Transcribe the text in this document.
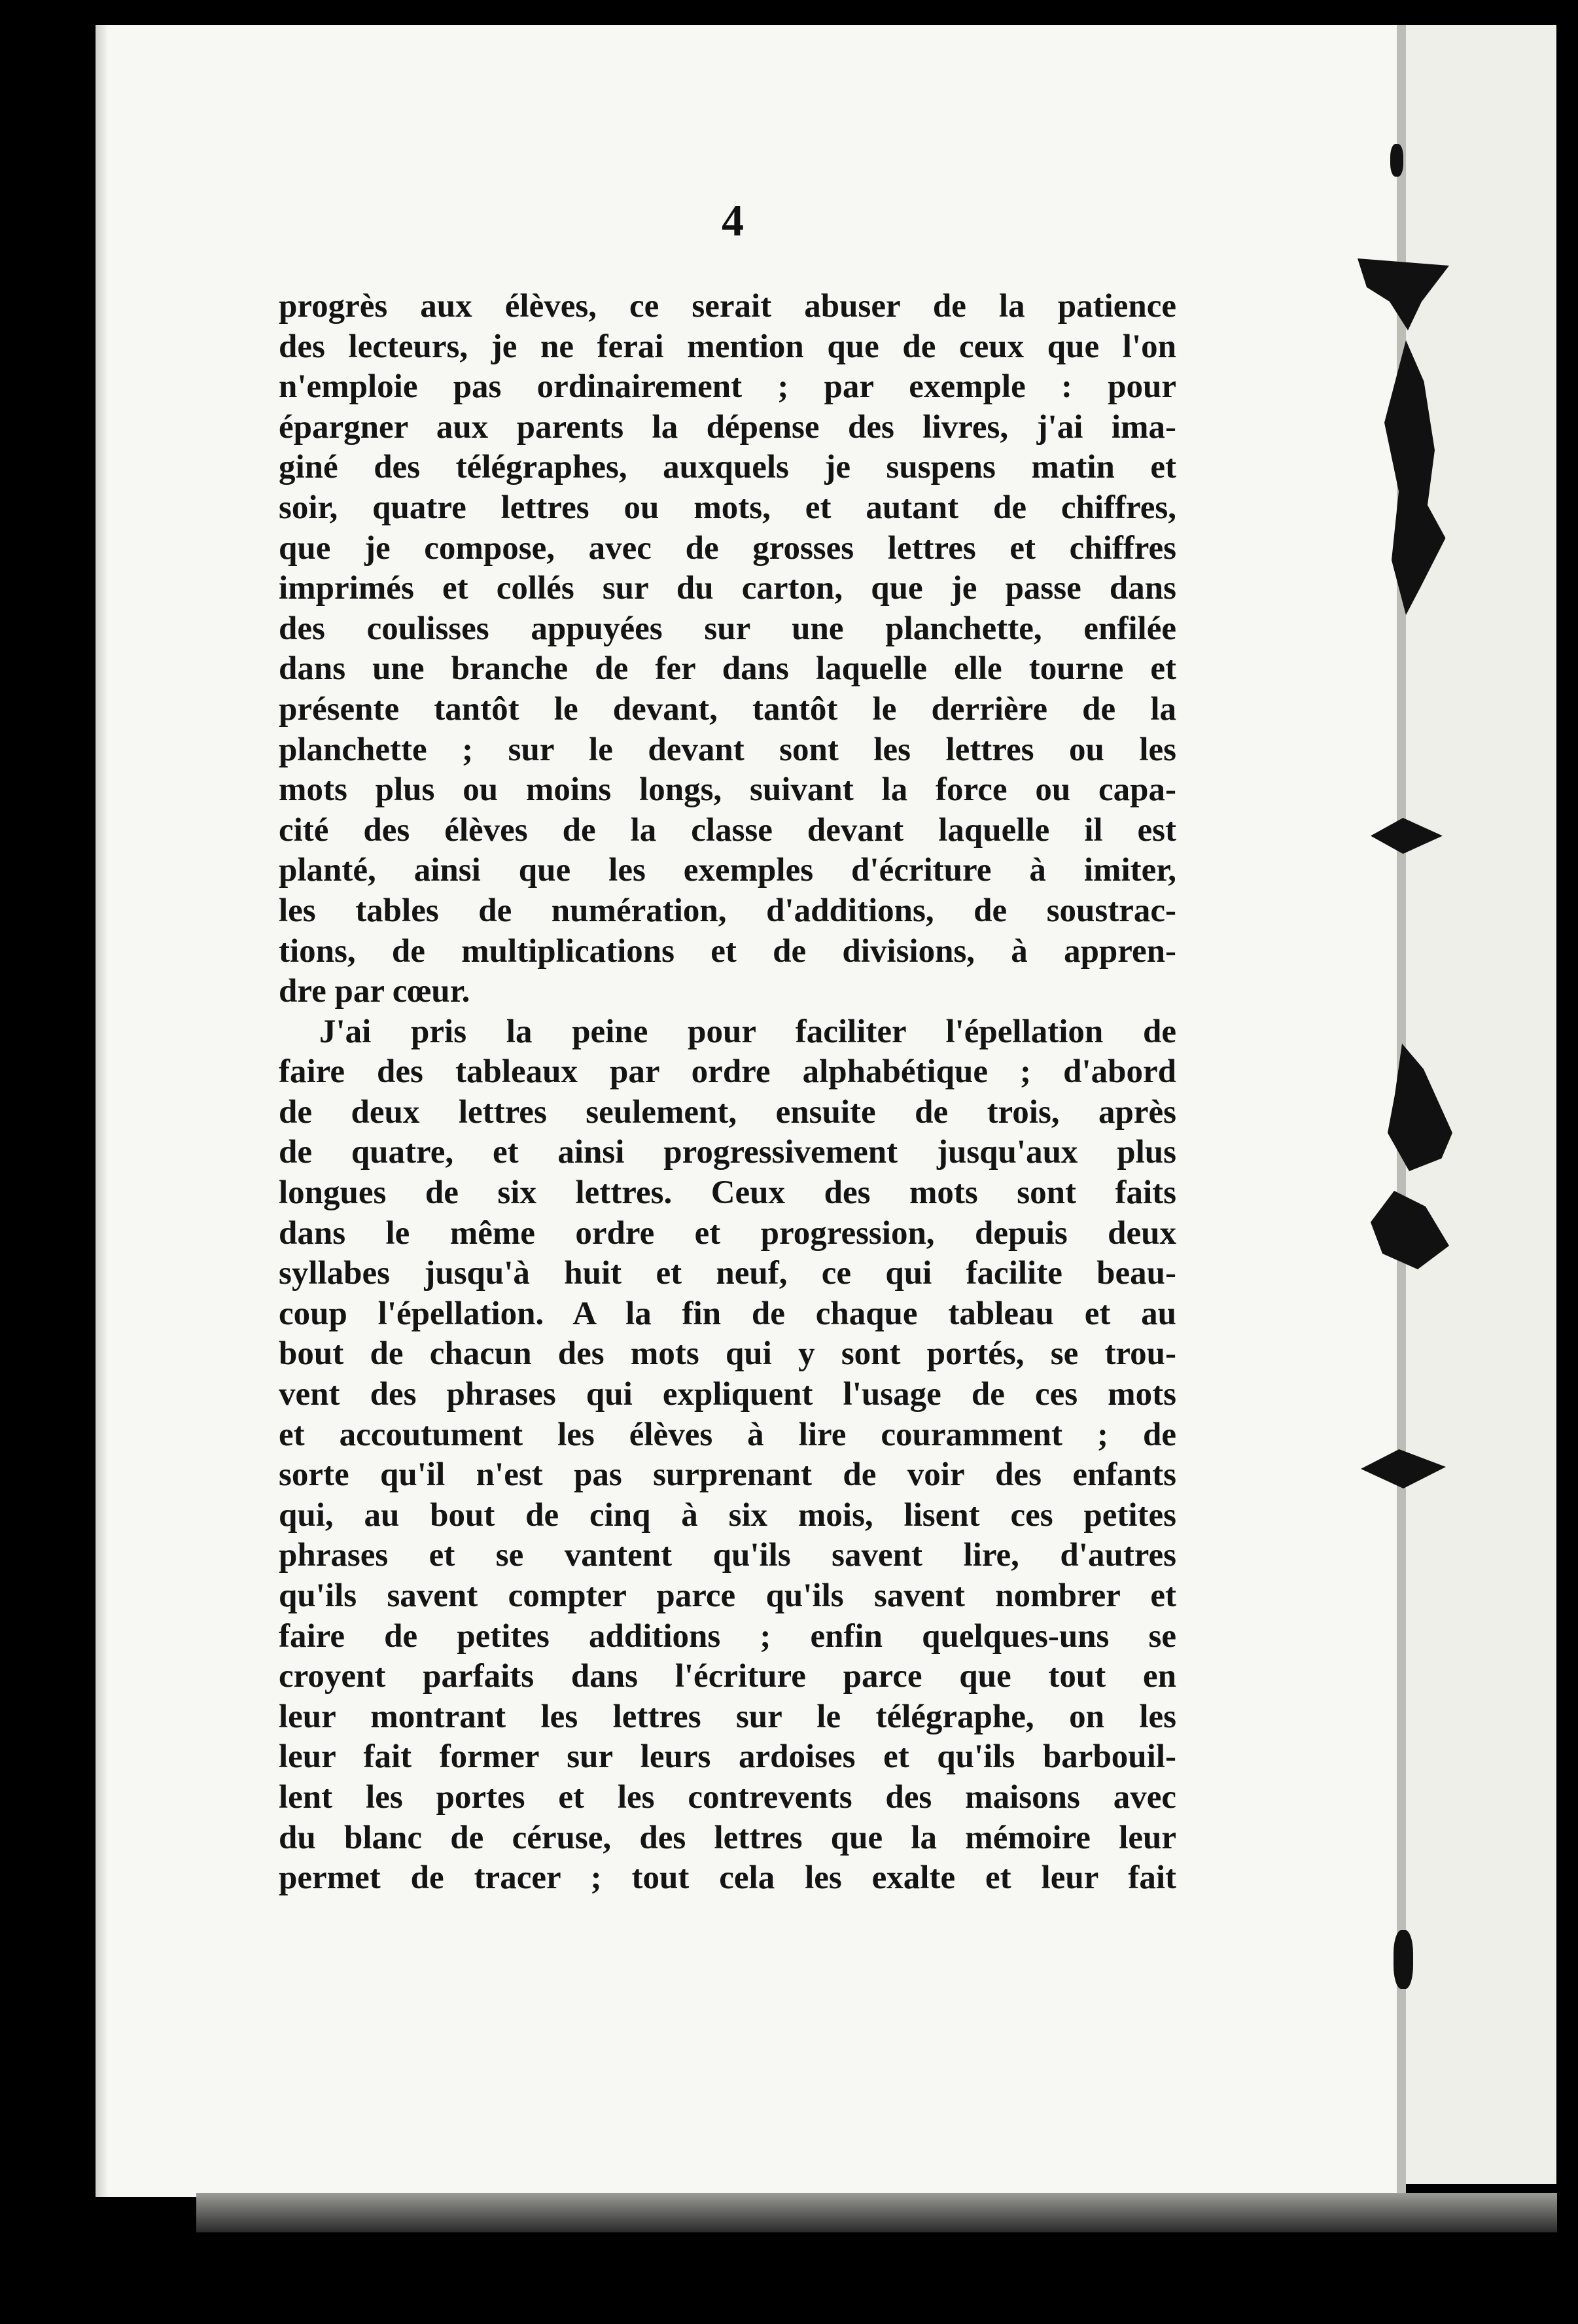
4
progrès aux élèves, ce serait abuser de la patience
des lecteurs, je ne ferai mention que de ceux que l'on
n'emploie pas ordinairement ; par exemple : pour
épargner aux parents la dépense des livres, j'ai ima-
giné des télégraphes, auxquels je suspens matin et
soir, quatre lettres ou mots, et autant de chiffres,
que je compose, avec de grosses lettres et chiffres
imprimés et collés sur du carton, que je passe dans
des coulisses appuyées sur une planchette, enfilée
dans une branche de fer dans laquelle elle tourne et
présente tantôt le devant, tantôt le derrière de la
planchette ; sur le devant sont les lettres ou les
mots plus ou moins longs, suivant la force ou capa-
cité des élèves de la classe devant laquelle il est
planté, ainsi que les exemples d'écriture à imiter,
les tables de numération, d'additions, de soustrac-
tions, de multiplications et de divisions, à appren-
dre par cœur.
J'ai pris la peine pour faciliter l'épellation de
faire des tableaux par ordre alphabétique ; d'abord
de deux lettres seulement, ensuite de trois, après
de quatre, et ainsi progressivement jusqu'aux plus
longues de six lettres. Ceux des mots sont faits
dans le même ordre et progression, depuis deux
syllabes jusqu'à huit et neuf, ce qui facilite beau-
coup l'épellation. A la fin de chaque tableau et au
bout de chacun des mots qui y sont portés, se trou-
vent des phrases qui expliquent l'usage de ces mots
et accoutument les élèves à lire couramment ; de
sorte qu'il n'est pas surprenant de voir des enfants
qui, au bout de cinq à six mois, lisent ces petites
phrases et se vantent qu'ils savent lire, d'autres
qu'ils savent compter parce qu'ils savent nombrer et
faire de petites additions ; enfin quelques-uns se
croyent parfaits dans l'écriture parce que tout en
leur montrant les lettres sur le télégraphe, on les
leur fait former sur leurs ardoises et qu'ils barbouil-
lent les portes et les contrevents des maisons avec
du blanc de céruse, des lettres que la mémoire leur
permet de tracer ; tout cela les exalte et leur fait
